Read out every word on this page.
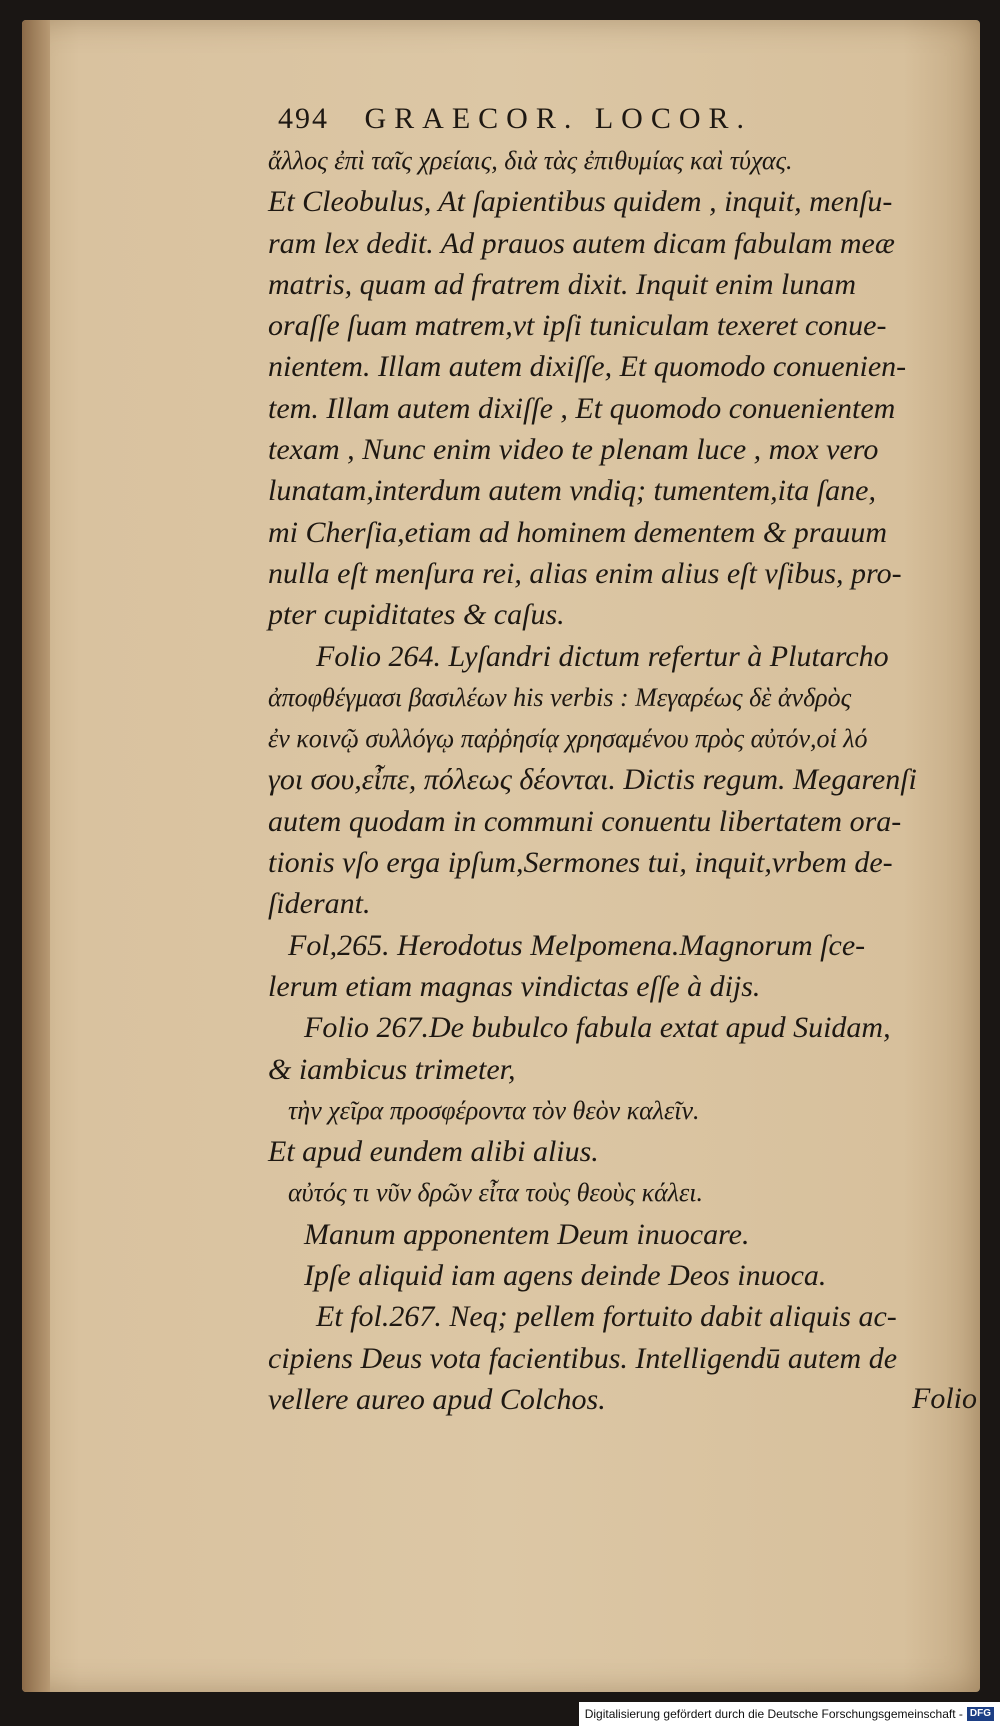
494 GRAECOR. LOCOR.
ἄλλος ἐπὶ ταῖς χρείαις, διὰ τὰς ἐπιθυμίας καὶ τύχας.
Et Cleobulus, At ſapientibus quidem , inquit, menſu-
ram lex dedit. Ad prauos autem dicam fabulam meæ
matris, quam ad fratrem dixit. Inquit enim lunam
oraſſe ſuam matrem,vt ipſi tuniculam texeret conue-
nientem. Illam autem dixiſſe, Et quomodo conuenien-
tem. Illam autem dixiſſe , Et quomodo conuenientem
texam , Nunc enim video te plenam luce , mox vero
lunatam,interdum autem vndiq; tumentem,ita ſane,
mi Cherſia,etiam ad hominem dementem & prauum
nulla eſt menſura rei, alias enim alius eſt vſibus, pro-
pter cupiditates & caſus.
Folio 264. Lyſandri dictum refertur à Plutarcho
ἀποφθέγμασι βασιλέων his verbis : Μεγαρέως δὲ ἀνδρὸς
ἐν κοινῷ συλλόγῳ παῤῥησίᾳ χρησαμένου πρὸς αὐτόν,οἱ λό
γοι σου,εἶπε, πόλεως δέονται. Dictis regum. Megarenſi
autem quodam in communi conuentu libertatem ora-
tionis vſo erga ipſum,Sermones tui, inquit,vrbem de-
ſiderant.
Fol,265. Herodotus Melpomena.Magnorum ſce-
lerum etiam magnas vindictas eſſe à dijs.
Folio 267.De bubulco fabula extat apud Suidam,
& iambicus trimeter,
τὴν χεῖρα προσφέροντα τὸν θεὸν καλεῖν.
Et apud eundem alibi alius.
αὐτός τι νῦν δρῶν εἶτα τοὺς θεοὺς κάλει.
Manum apponentem Deum inuocare.
Ipſe aliquid iam agens deinde Deos inuoca.
Et fol.267. Neq; pellem fortuito dabit aliquis ac-
cipiens Deus vota facientibus. Intelligendū autem de
vellere aureo apud Colchos.	Folio
Digitalisierung gefördert durch die Deutsche Forschungsgemeinschaft - DFG
